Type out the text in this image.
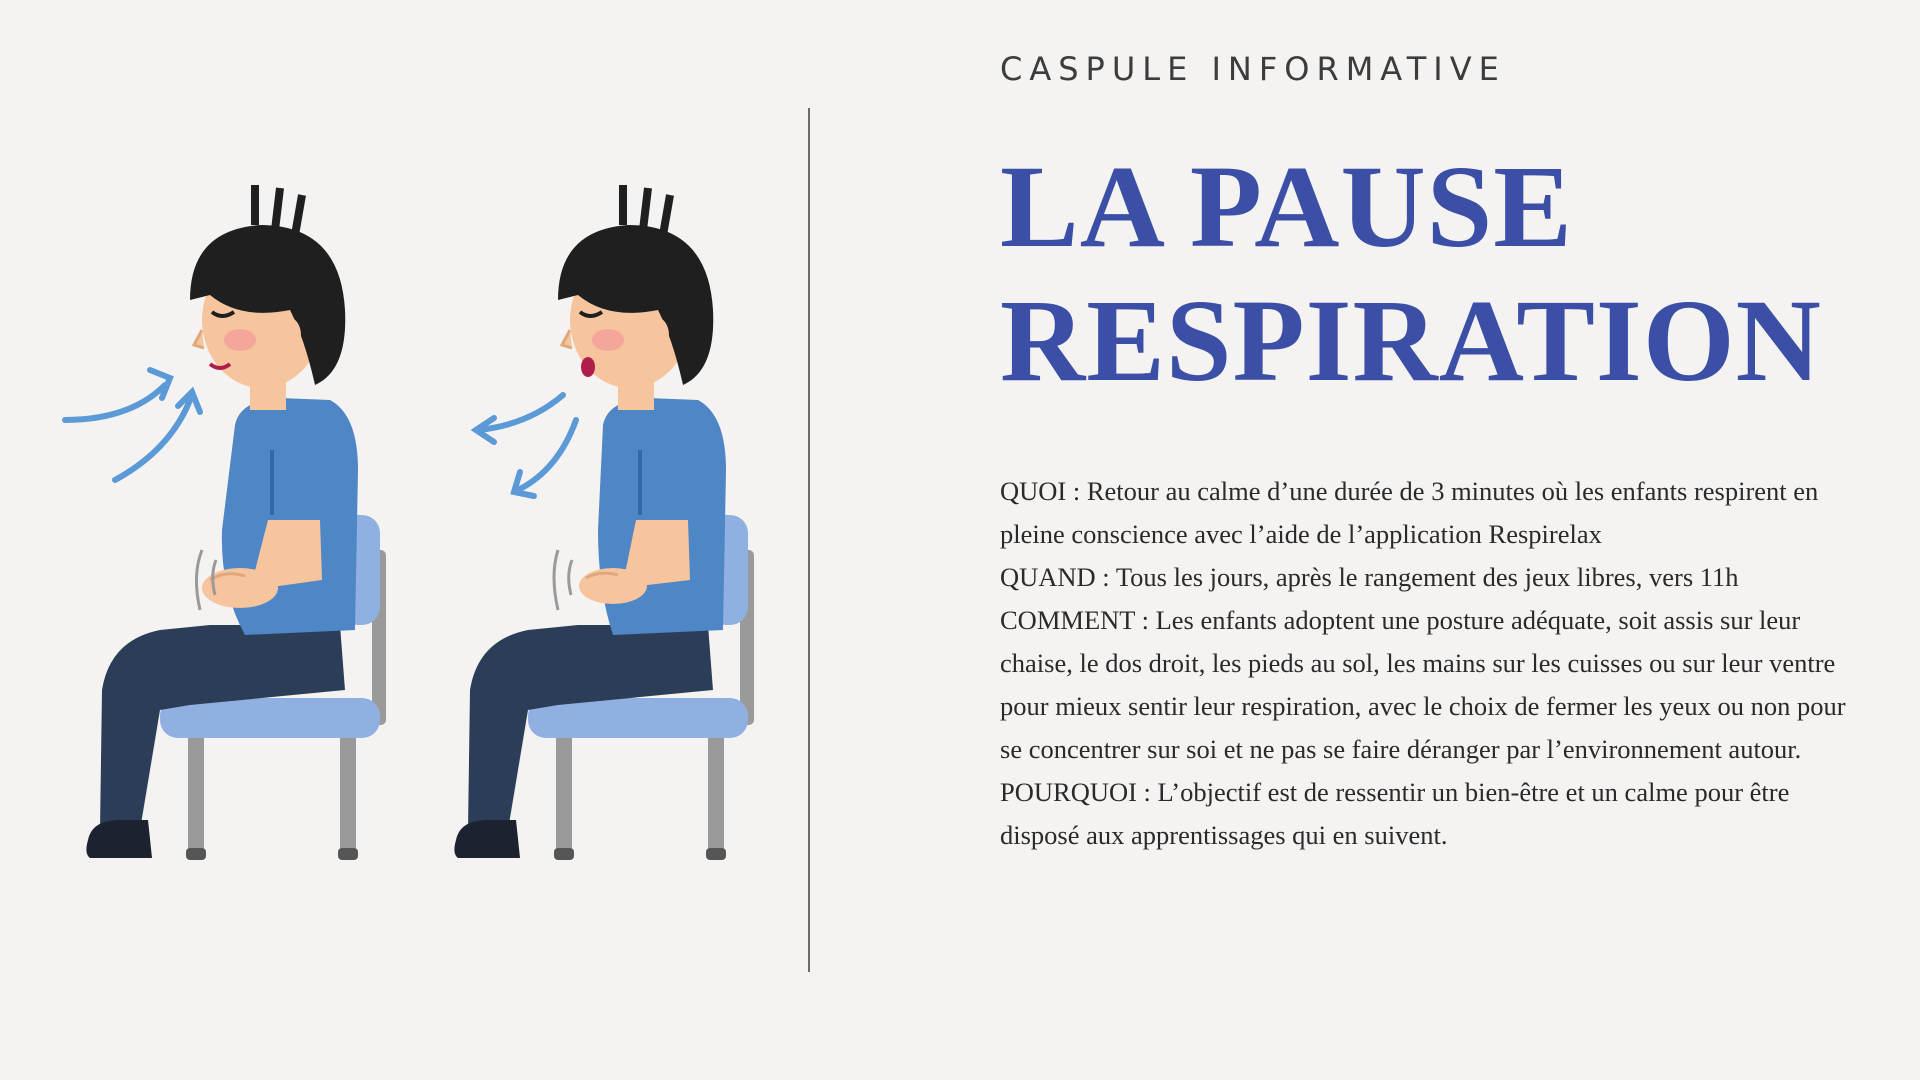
CASPULE INFORMATIVE
LA PAUSE
RESPIRATION

QUOI : Retour au calme d’une durée de 3 minutes où les enfants respirent en pleine conscience avec l’aide de l’application Respirelax

QUAND : Tous les jours, après le rangement des jeux libres, vers 11h

COMMENT : Les enfants adoptent une posture adéquate, soit assis sur leur chaise, le dos droit, les pieds au sol, les mains sur les cuisses ou sur leur ventre pour mieux sentir leur respiration, avec le choix de fermer les yeux ou non pour se concentrer sur soi et ne pas se faire déranger par l’environnement autour.

POURQUOI : L’objectif est de ressentir un bien-être et un calme pour être disposé aux apprentissages qui en suivent.
